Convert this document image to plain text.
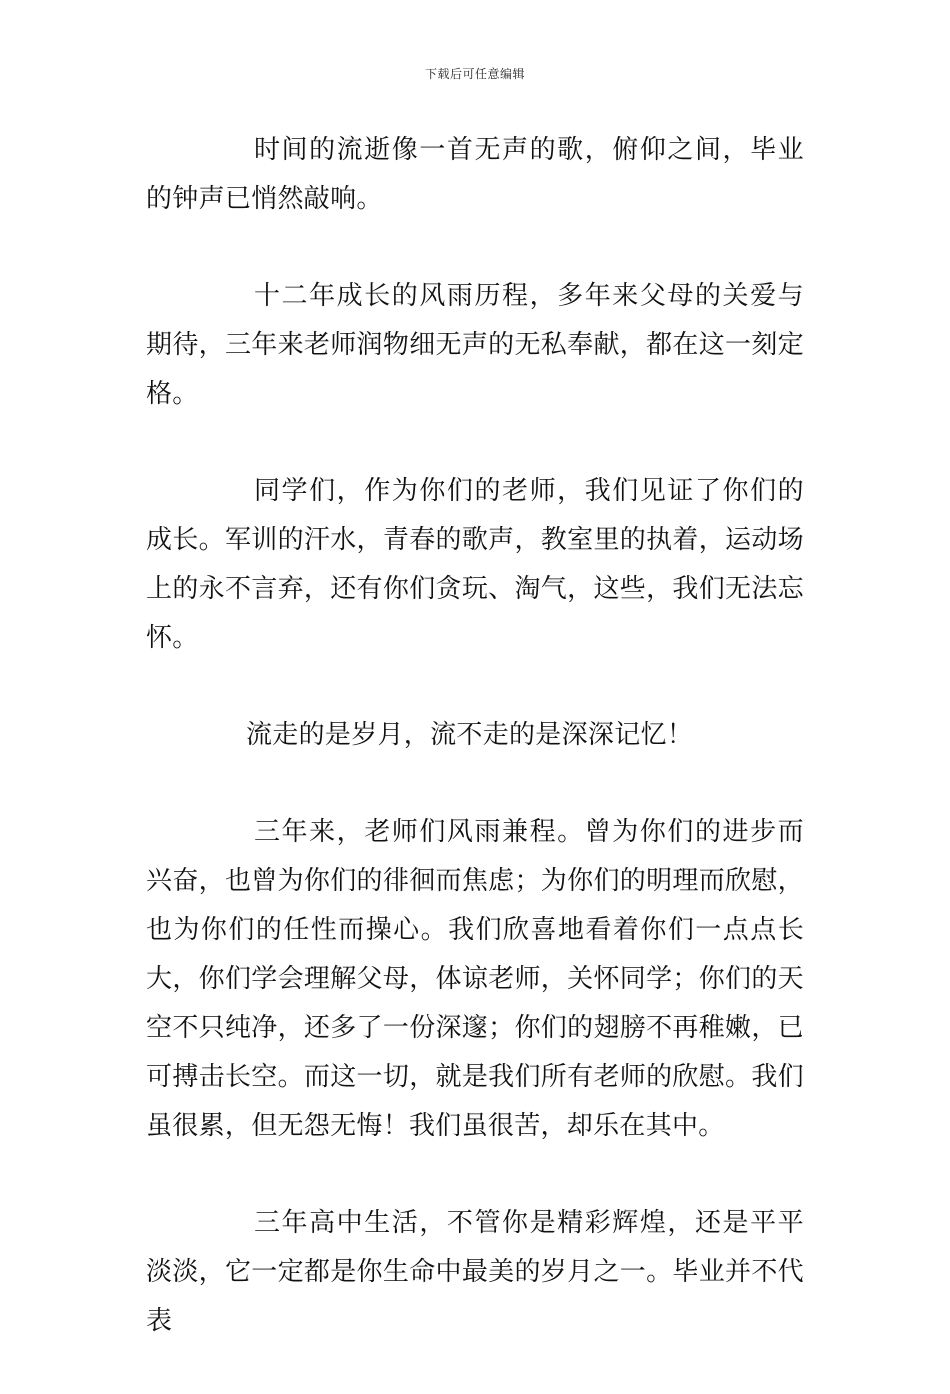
下载后可任意编辑

时间的流逝像一首无声的歌，俯仰之间，毕业的钟声已悄然敲响。

十二年成长的风雨历程，多年来父母的关爱与期待，三年来老师润物细无声的无私奉献，都在这一刻定格。

同学们，作为你们的老师，我们见证了你们的成长。军训的汗水，青春的歌声，教室里的执着，运动场上的永不言弃，还有你们贪玩、淘气，这些，我们无法忘怀。

流走的是岁月，流不走的是深深记忆！

三年来，老师们风雨兼程。曾为你们的进步而兴奋，也曾为你们的徘徊而焦虑；为你们的明理而欣慰，也为你们的任性而操心。我们欣喜地看着你们一点点长大，你们学会理解父母，体谅老师，关怀同学；你们的天空不只纯净，还多了一份深邃；你们的翅膀不再稚嫩，已可搏击长空。而这一切，就是我们所有老师的欣慰。我们虽很累，但无怨无悔！我们虽很苦，却乐在其中。

三年高中生活，不管你是精彩辉煌，还是平平淡淡，它一定都是你生命中最美的岁月之一。毕业并不代表
